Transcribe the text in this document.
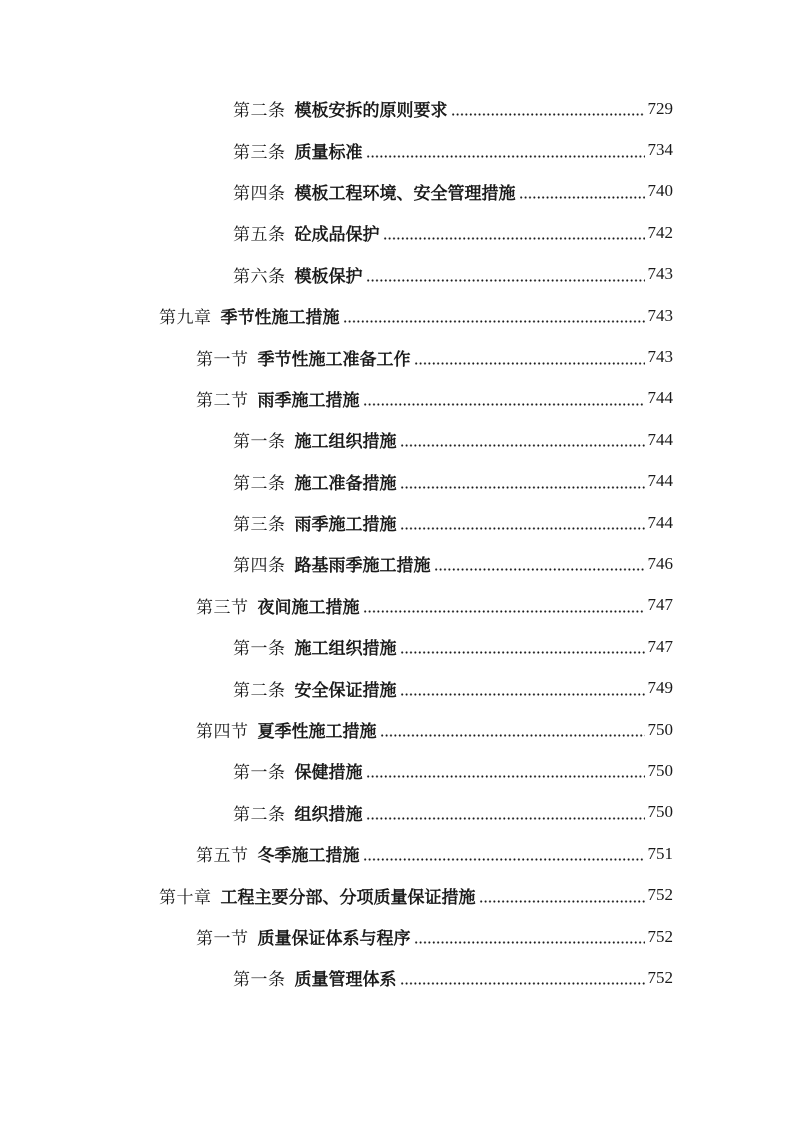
第二条 模板安拆的原则要求	729
第三条 质量标准	734
第四条 模板工程环境、安全管理措施	740
第五条 砼成品保护	742
第六条 模板保护	743
第九章 季节性施工措施	743
第一节 季节性施工准备工作	743
第二节 雨季施工措施	744
第一条 施工组织措施	744
第二条 施工准备措施	744
第三条 雨季施工措施	744
第四条 路基雨季施工措施	746
第三节 夜间施工措施	747
第一条 施工组织措施	747
第二条 安全保证措施	749
第四节 夏季性施工措施	750
第一条 保健措施	750
第二条 组织措施	750
第五节 冬季施工措施	751
第十章 工程主要分部、分项质量保证措施	752
第一节 质量保证体系与程序	752
第一条 质量管理体系	752
